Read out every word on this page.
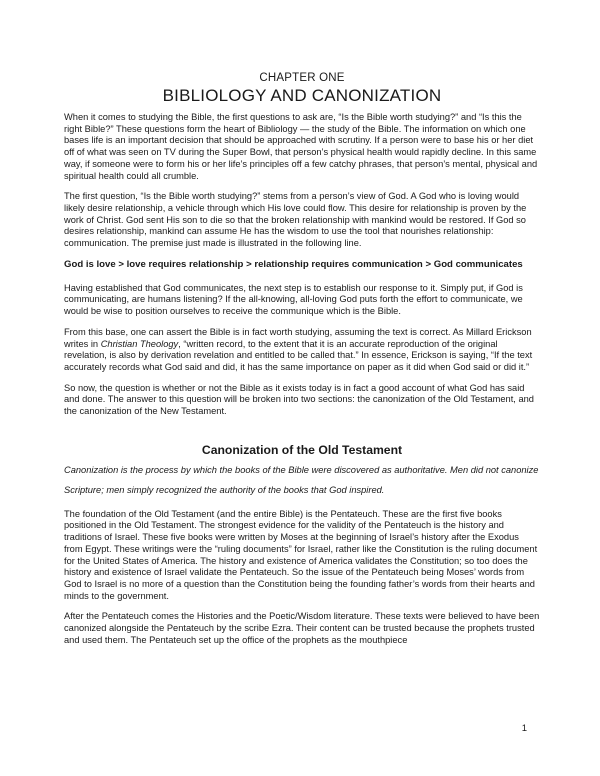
CHAPTER ONE

BIBLIOLOGY AND CANONIZATION

When it comes to studying the Bible, the first questions to ask are, “Is the Bible worth studying?” and “Is this the right Bible?” These questions form the heart of Bibliology — the study of the Bible. The information on which one bases life is an important decision that should be approached with scrutiny. If a person were to base his or her diet off of what was seen on TV during the Super Bowl, that person’s physical health would rapidly decline. In this same way, if someone were to form his or her life’s principles off a few catchy phrases, that person’s mental, physical and spiritual health could all crumble.

The first question, “Is the Bible worth studying?” stems from a person’s view of God. A God who is loving would likely desire relationship, a vehicle through which His love could flow. This desire for relationship is proven by the work of Christ. God sent His son to die so that the broken relationship with mankind would be restored. If God so desires relationship, mankind can assume He has the wisdom to use the tool that nourishes relationship: communication. The premise just made is illustrated in the following line.

God is love > love requires relationship > relationship requires communication > God communicates

Having established that God communicates, the next step is to establish our response to it. Simply put, if God is communicating, are humans listening? If the all-knowing, all-loving God puts forth the effort to communicate, we would be wise to position ourselves to receive the communique which is the Bible.

From this base, one can assert the Bible is in fact worth studying, assuming the text is correct. As Millard Erickson writes in Christian Theology, “written record, to the extent that it is an accurate reproduction of the original revelation, is also by derivation revelation and entitled to be called that.” In essence, Erickson is saying, “If the text accurately records what God said and did, it has the same importance on paper as it did when God said or did it.”

So now, the question is whether or not the Bible as it exists today is in fact a good account of what God has said and done. The answer to this question will be broken into two sections: the canonization of the Old Testament, and the canonization of the New Testament.

Canonization of the Old Testament

Canonization is the process by which the books of the Bible were discovered as authoritative. Men did not canonize Scripture; men simply recognized the authority of the books that God inspired.

The foundation of the Old Testament (and the entire Bible) is the Pentateuch. These are the first five books positioned in the Old Testament. The strongest evidence for the validity of the Pentateuch is the history and traditions of Israel. These five books were written by Moses at the beginning of Israel’s history after the Exodus from Egypt. These writings were the “ruling documents” for Israel, rather like the Constitution is the ruling document for the United States of America. The history and existence of America validates the Constitution; so too does the history and existence of Israel validate the Pentateuch. So the issue of the Pentateuch being Moses’ words from God to Israel is no more of a question than the Constitution being the founding father’s words from their hearts and minds to the government.

After the Pentateuch comes the Histories and the Poetic/Wisdom literature. These texts were believed to have been canonized alongside the Pentateuch by the scribe Ezra. Their content can be trusted because the prophets trusted and used them. The Pentateuch set up the office of the prophets as the mouthpiece

1
